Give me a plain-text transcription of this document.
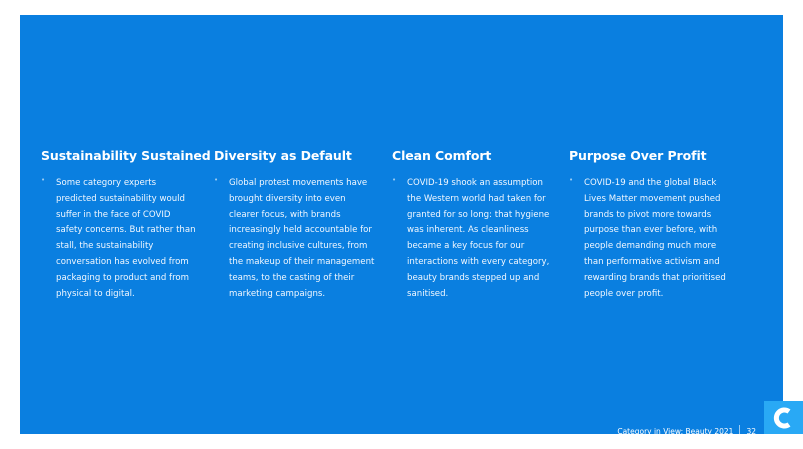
Sustainability Sustained
• Some category experts predicted sustainability would suffer in the face of COVID safety concerns. But rather than stall, the sustainability conversation has evolved from packaging to product and from physical to digital.
Diversity as Default
• Global protest movements have brought diversity into even clearer focus, with brands increasingly held accountable for creating inclusive cultures, from the makeup of their management teams, to the casting of their marketing campaigns.
Clean Comfort
• COVID-19 shook an assumption the Western world had taken for granted for so long: that hygiene was inherent. As cleanliness became a key focus for our interactions with every category, beauty brands stepped up and sanitised.
Purpose Over Profit
• COVID-19 and the global Black Lives Matter movement pushed brands to pivot more towards purpose than ever before, with people demanding much more than performative activism and rewarding brands that prioritised people over profit.
Category in View: Beauty 2021 32
